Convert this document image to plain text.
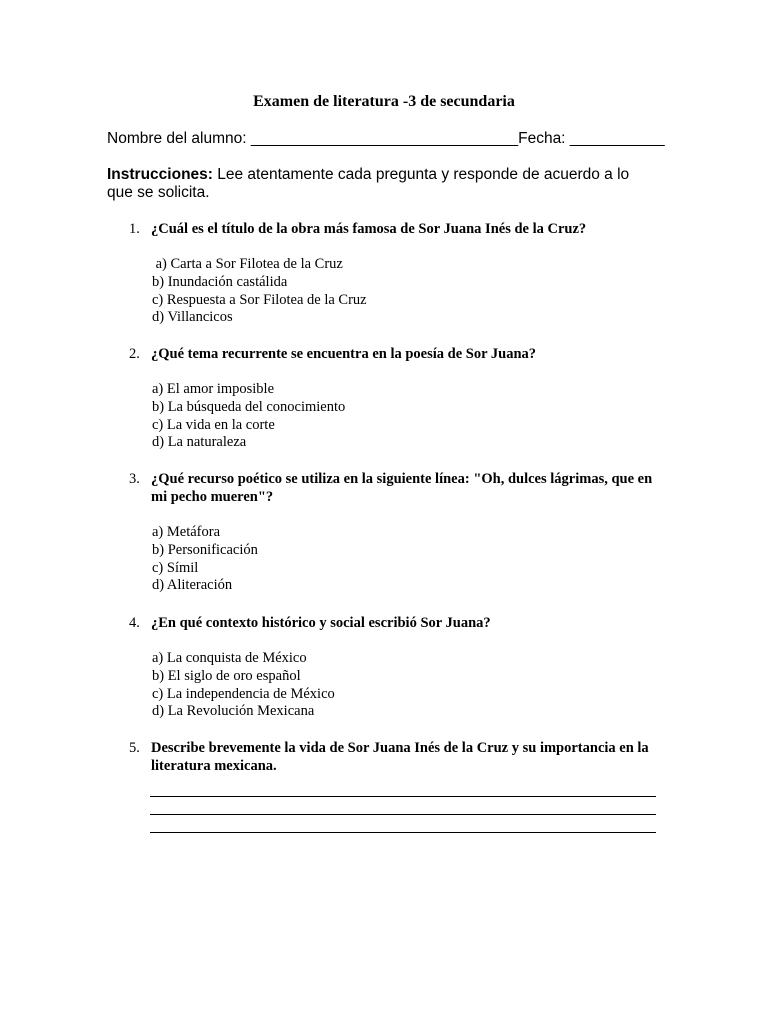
Examen de literatura -3 de secundaria
Nombre del alumno: _______________________________Fecha: ___________
Instrucciones: Lee atentamente cada pregunta y responde de acuerdo a lo que se solicita.
1. ¿Cuál es el título de la obra más famosa de Sor Juana Inés de la Cruz?
a) Carta a Sor Filotea de la Cruz
b) Inundación castálida
c) Respuesta a Sor Filotea de la Cruz
d) Villancicos
2. ¿Qué tema recurrente se encuentra en la poesía de Sor Juana?
a) El amor imposible
b) La búsqueda del conocimiento
c) La vida en la corte
d) La naturaleza
3. ¿Qué recurso poético se utiliza en la siguiente línea: "Oh, dulces lágrimas, que en mi pecho mueren"?
a) Metáfora
b) Personificación
c) Símil
d) Aliteración
4. ¿En qué contexto histórico y social escribió Sor Juana?
a) La conquista de México
b) El siglo de oro español
c) La independencia de México
d) La Revolución Mexicana
5. Describe brevemente la vida de Sor Juana Inés de la Cruz y su importancia en la literatura mexicana.
